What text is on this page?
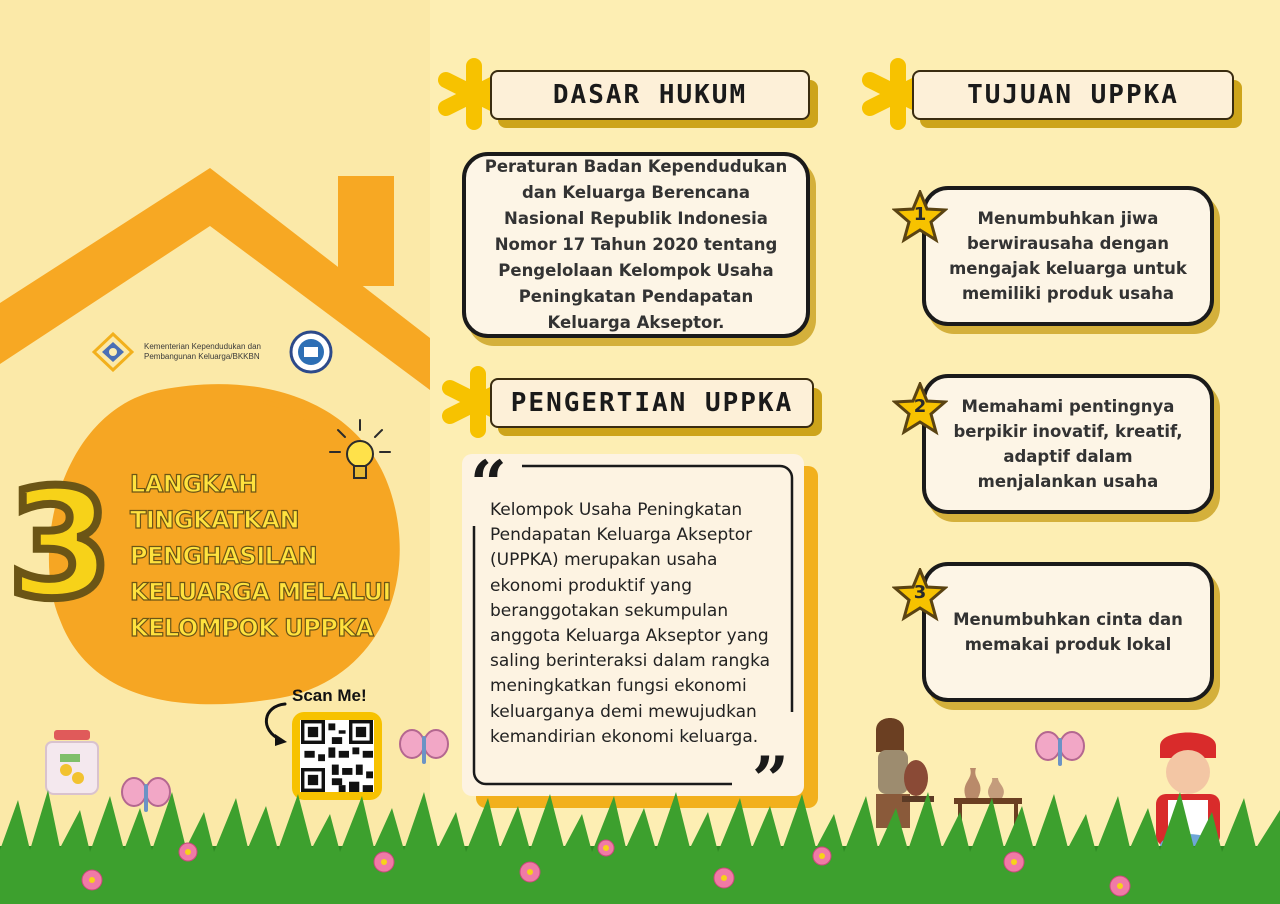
Kementerian Kependudukan dan Pembangunan Keluarga/BKKBN
3 LANGKAH
TINGKATKAN
PENGHASILAN
KELUARGA MELALUI
KELOMPOK UPPKA
Scan Me!
DASAR HUKUM
Peraturan Badan Kependudukan dan Keluarga Berencana Nasional Republik Indonesia Nomor 17 Tahun 2020 tentang Pengelolaan Kelompok Usaha Peningkatan Pendapatan Keluarga Akseptor.
PENGERTIAN UPPKA
“
”
Kelompok Usaha Peningkatan Pendapatan Keluarga Akseptor (UPPKA) merupakan usaha ekonomi produktif yang beranggotakan sekumpulan anggota Keluarga Akseptor yang saling berinteraksi dalam rangka meningkatkan fungsi ekonomi keluarganya demi mewujudkan kemandirian ekonomi keluarga.
TUJUAN UPPKA
Menumbuhkan jiwa berwirausaha dengan mengajak keluarga untuk memiliki produk usaha
Memahami pentingnya berpikir inovatif, kreatif, adaptif dalam menjalankan usaha
Menumbuhkan cinta dan memakai produk lokal
1
2
3
